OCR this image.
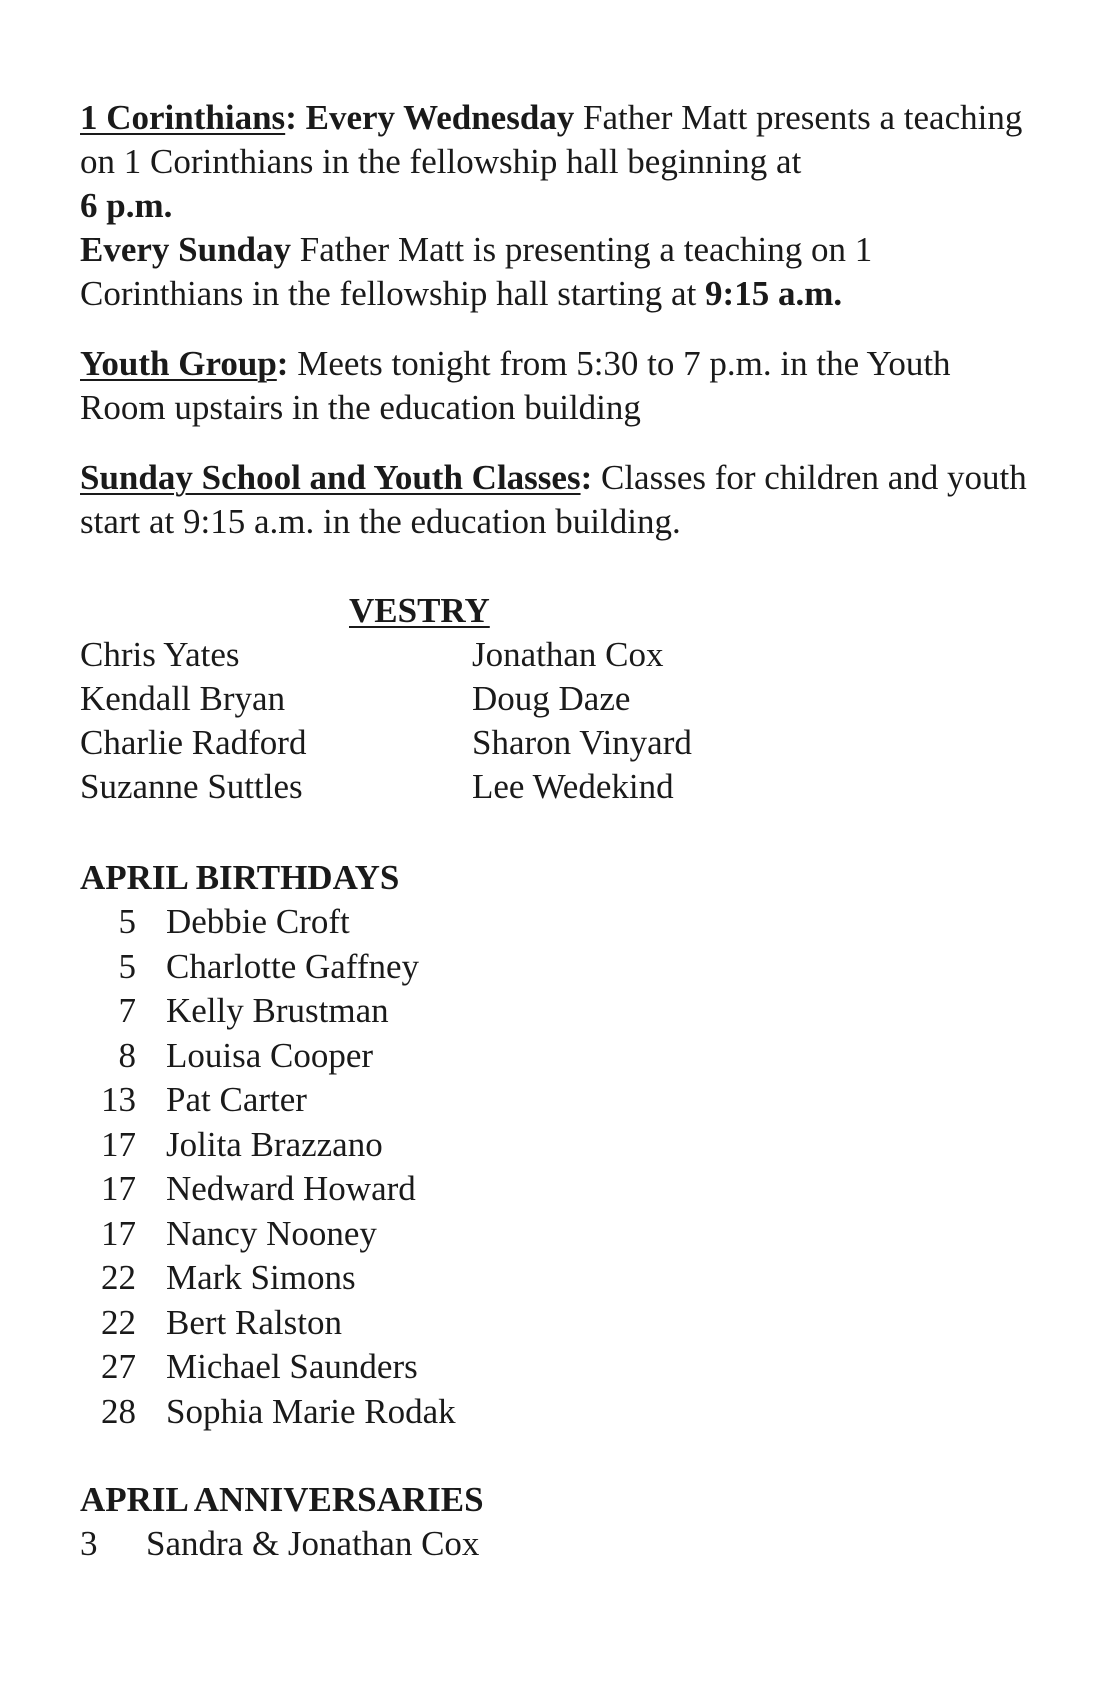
1 Corinthians: Every Wednesday Father Matt presents a teaching on 1 Corinthians in the fellowship hall beginning at
6 p.m.
Every Sunday Father Matt is presenting a teaching on 1 Corinthians in the fellowship hall starting at 9:15 a.m.

Youth Group: Meets tonight from 5:30 to 7 p.m. in the Youth Room upstairs in the education building

Sunday School and Youth Classes: Classes for children and youth start at 9:15 a.m. in the education building.

VESTRY
Chris Yates
Kendall Bryan
Charlie Radford
Suzanne Suttles
Jonathan Cox
Doug Daze
Sharon Vinyard
Lee Wedekind
APRIL BIRTHDAYS
5 Debbie Croft
5 Charlotte Gaffney
7 Kelly Brustman
8 Louisa Cooper
13 Pat Carter
17 Jolita Brazzano
17 Nedward Howard
17 Nancy Nooney
22 Mark Simons
22 Bert Ralston
27 Michael Saunders
28 Sophia Marie Rodak
APRIL ANNIVERSARIES
3 Sandra & Jonathan Cox
